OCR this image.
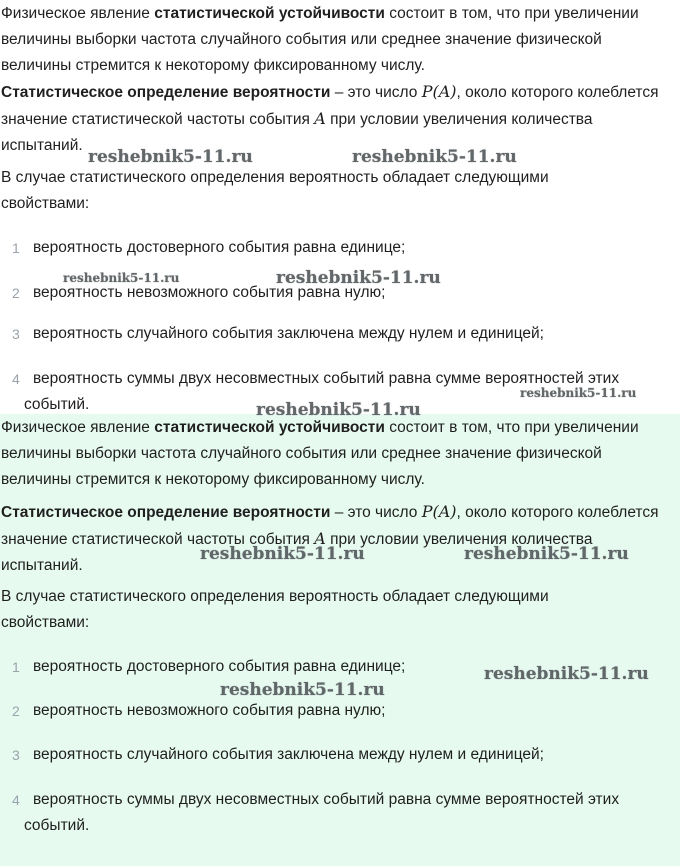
Физическое явление статистической устойчивости состоит в том, что при увеличении
величины выборки частота случайного события или среднее значение физической
величины стремится к некоторому фиксированному числу.

Статистическое определение вероятности – это число P(A), около которого колеблется
значение статистической частоты события A при условии увеличения количества
испытаний.

В случае статистического определения вероятность обладает следующими
свойствами:

1 вероятность достоверного события равна единице;
2 вероятность невозможного события равна нулю;
3 вероятность случайного события заключена между нулем и единицей;
4 вероятность суммы двух несовместных событий равна сумме вероятностей этих
событий.

Физическое явление статистической устойчивости состоит в том, что при увеличении
величины выборки частота случайного события или среднее значение физической
величины стремится к некоторому фиксированному числу.

Статистическое определение вероятности – это число P(A), около которого колеблется
значение статистической частоты события A при условии увеличения количества
испытаний.

В случае статистического определения вероятность обладает следующими
свойствами:

1 вероятность достоверного события равна единице;
2 вероятность невозможного события равна нулю;
3 вероятность случайного события заключена между нулем и единицей;
4 вероятность суммы двух несовместных событий равна сумме вероятностей этих
событий.
reshebnik5-11.ru	reshebnik5-11.ru
reshebnik5-11.ru	reshebnik5-11.ru
reshebnik5-11.ru
reshebnik5-11.ru
reshebnik5-11.ru	reshebnik5-11.ru
reshebnik5-11.ru
reshebnik5-11.ru
